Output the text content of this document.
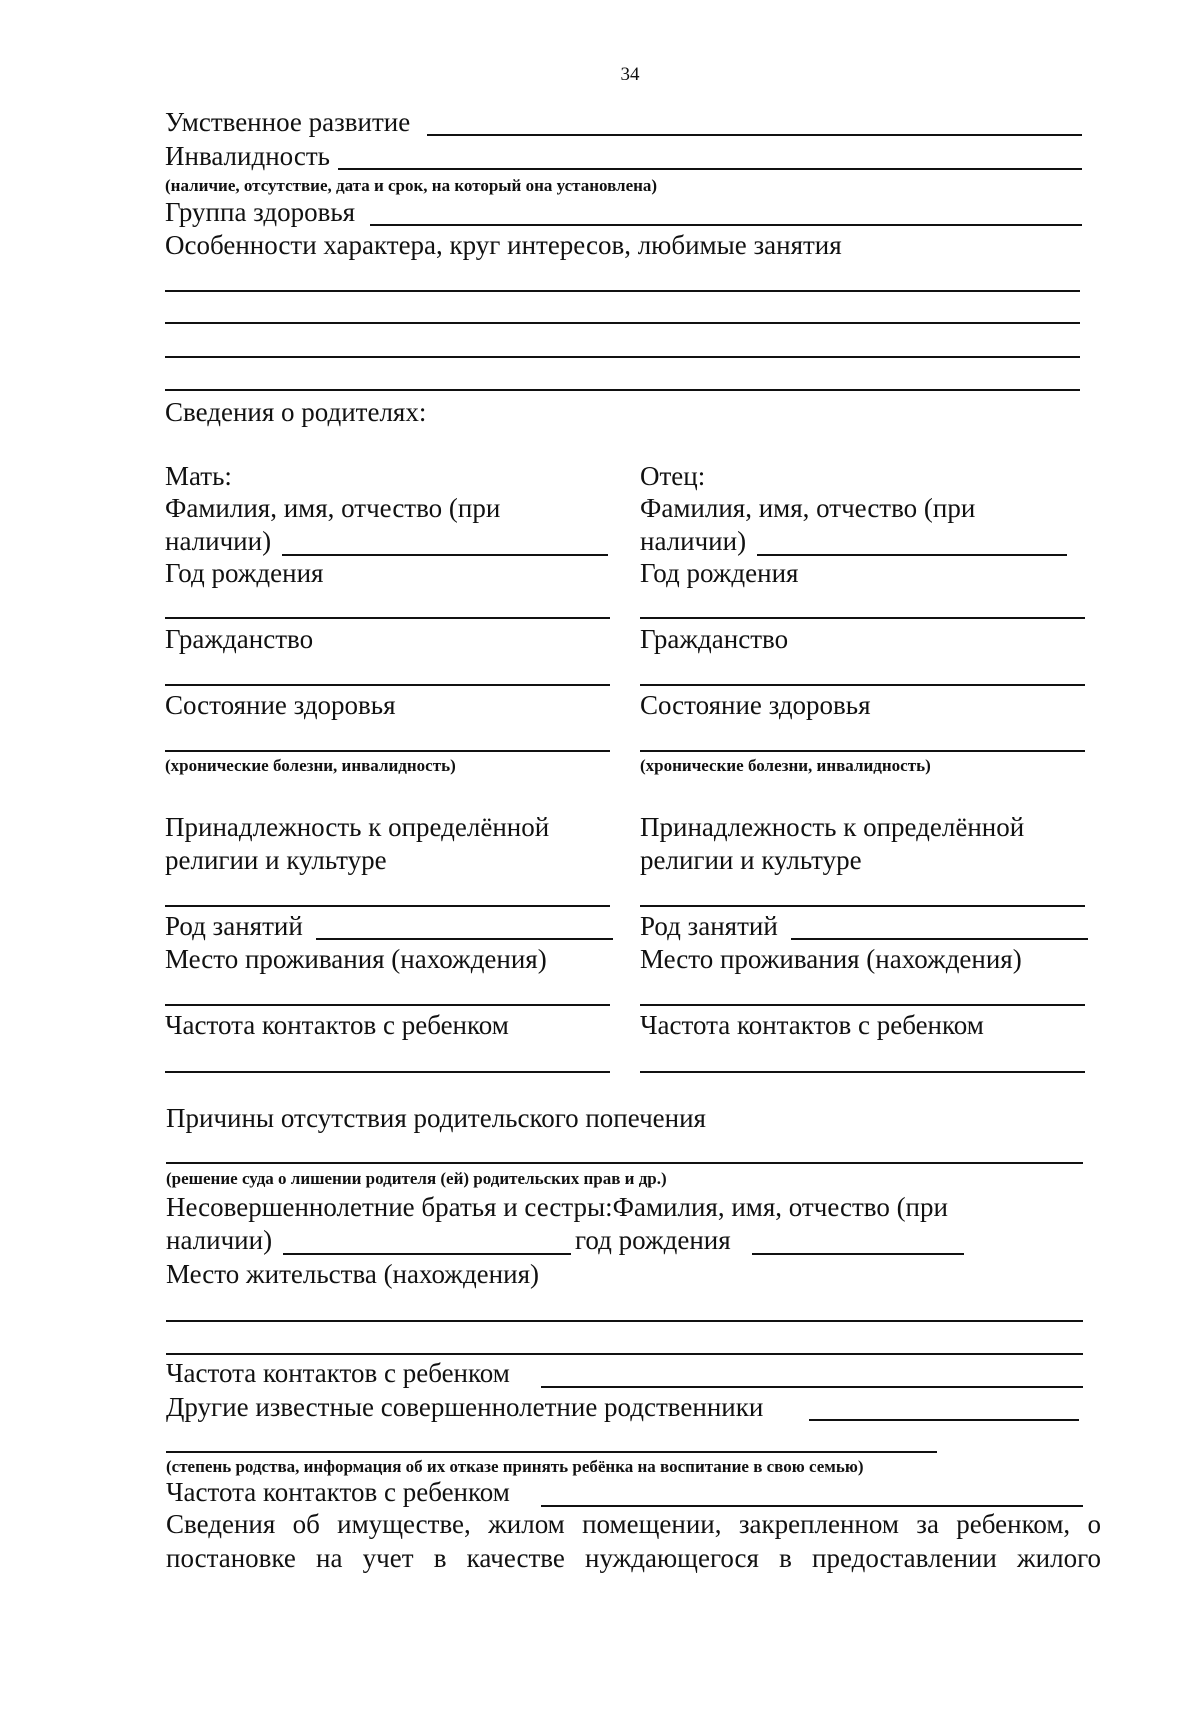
34
Умственное развитие
Инвалидность
(наличие, отсутствие, дата и срок, на который она установлена)
Группа здоровья
Особенности характера, круг интересов, любимые занятия
Сведения о родителях:
Мать:
Фамилия, имя, отчество (при
наличии)
Год рождения
Гражданство
Состояние здоровья
(хронические болезни, инвалидность)
Принадлежность к определённой
религии и культуре
Род занятий
Место проживания (нахождения)
Частота контактов с ребенком
Отец:
Фамилия, имя, отчество (при
наличии)
Год рождения
Гражданство
Состояние здоровья
(хронические болезни, инвалидность)
Принадлежность к определённой
религии и культуре
Род занятий
Место проживания (нахождения)
Частота контактов с ребенком
Причины отсутствия родительского попечения
(решение суда о лишении родителя (ей) родительских прав и др.)
Несовершеннолетние братья и сестры:Фамилия, имя, отчество (при
наличии)	год рождения
Место жительства (нахождения)
Частота контактов с ребенком
Другие известные совершеннолетние родственники
(степень родства, информация об их отказе принять ребёнка на воспитание в свою семью)
Частота контактов с ребенком
Сведения об имуществе, жилом помещении, закрепленном за ребенком, о
постановке на учет в качестве нуждающегося в предоставлении жилого
